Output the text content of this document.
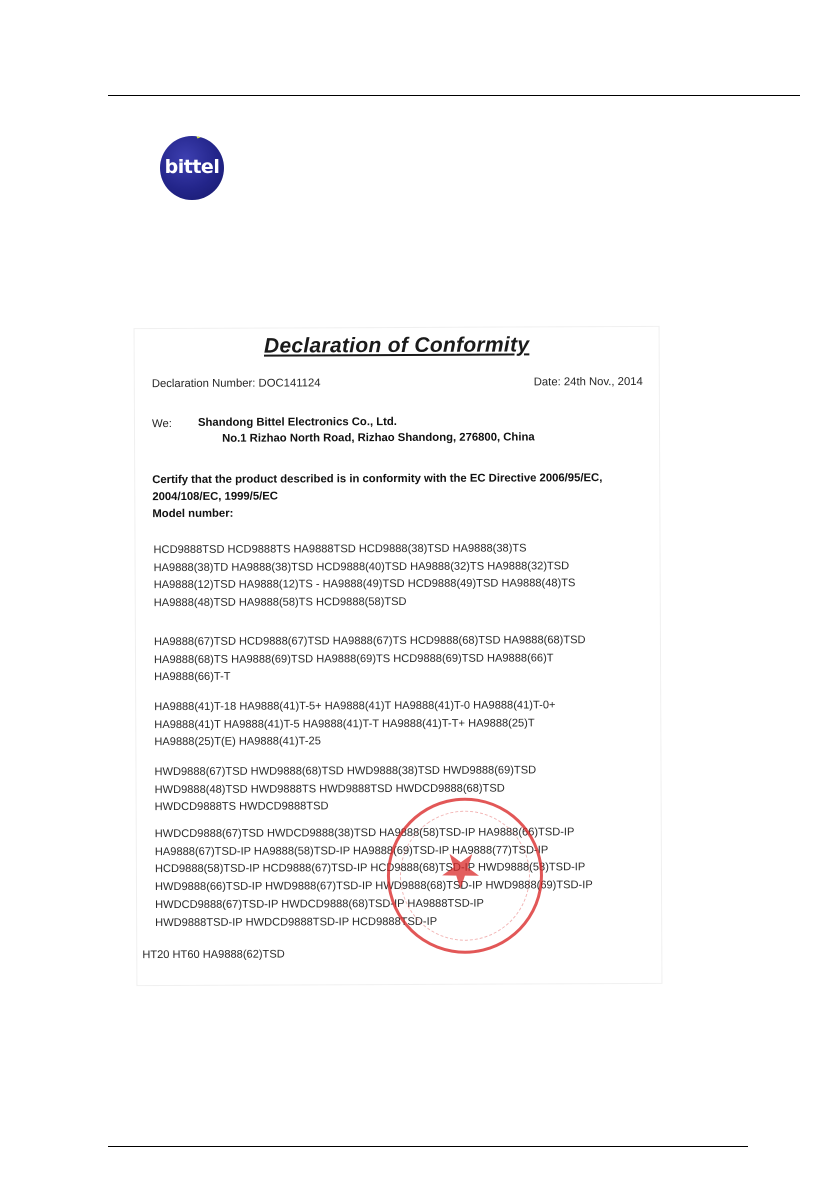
bittel
Declaration of Conformity
Declaration Number: DOC141124	Date: 24th Nov., 2014
We: Shandong Bittel Electronics Co., Ltd.
No.1 Rizhao North Road, Rizhao Shandong, 276800, China
Certify that the product described is in conformity with the EC Directive 2006/95/EC,
2004/108/EC, 1999/5/EC
Model number:
HCD9888TSD HCD9888TS HA9888TSD HCD9888(38)TSD HA9888(38)TS
HA9888(38)TD HA9888(38)TSD HCD9888(40)TSD HA9888(32)TS HA9888(32)TSD
HA9888(12)TSD HA9888(12)TS - HA9888(49)TSD HCD9888(49)TSD HA9888(48)TS
HA9888(48)TSD HA9888(58)TS HCD9888(58)TSD
HA9888(67)TSD HCD9888(67)TSD HA9888(67)TS HCD9888(68)TSD HA9888(68)TSD
HA9888(68)TS HA9888(69)TSD HA9888(69)TS HCD9888(69)TSD HA9888(66)T
HA9888(66)T-T
HA9888(41)T-18 HA9888(41)T-5+ HA9888(41)T HA9888(41)T-0 HA9888(41)T-0+
HA9888(41)T HA9888(41)T-5 HA9888(41)T-T HA9888(41)T-T+ HA9888(25)T
HA9888(25)T(E) HA9888(41)T-25
HWD9888(67)TSD HWD9888(68)TSD HWD9888(38)TSD HWD9888(69)TSD
HWD9888(48)TSD HWD9888TS HWD9888TSD HWDCD9888(68)TSD
HWDCD9888TS HWDCD9888TSD
HWDCD9888(67)TSD HWDCD9888(38)TSD HA9888(58)TSD-IP HA9888(66)TSD-IP
HA9888(67)TSD-IP HA9888(58)TSD-IP HA9888(69)TSD-IP HA9888(77)TSD-IP
HCD9888(58)TSD-IP HCD9888(67)TSD-IP HCD9888(68)TSD-IP HWD9888(58)TSD-IP
HWD9888(66)TSD-IP HWD9888(67)TSD-IP HWD9888(68)TSD-IP HWD9888(69)TSD-IP
HWDCD9888(67)TSD-IP HWDCD9888(68)TSD-IP HA9888TSD-IP
HWD9888TSD-IP HWDCD9888TSD-IP HCD9888TSD-IP
HT20 HT60 HA9888(62)TSD
★
